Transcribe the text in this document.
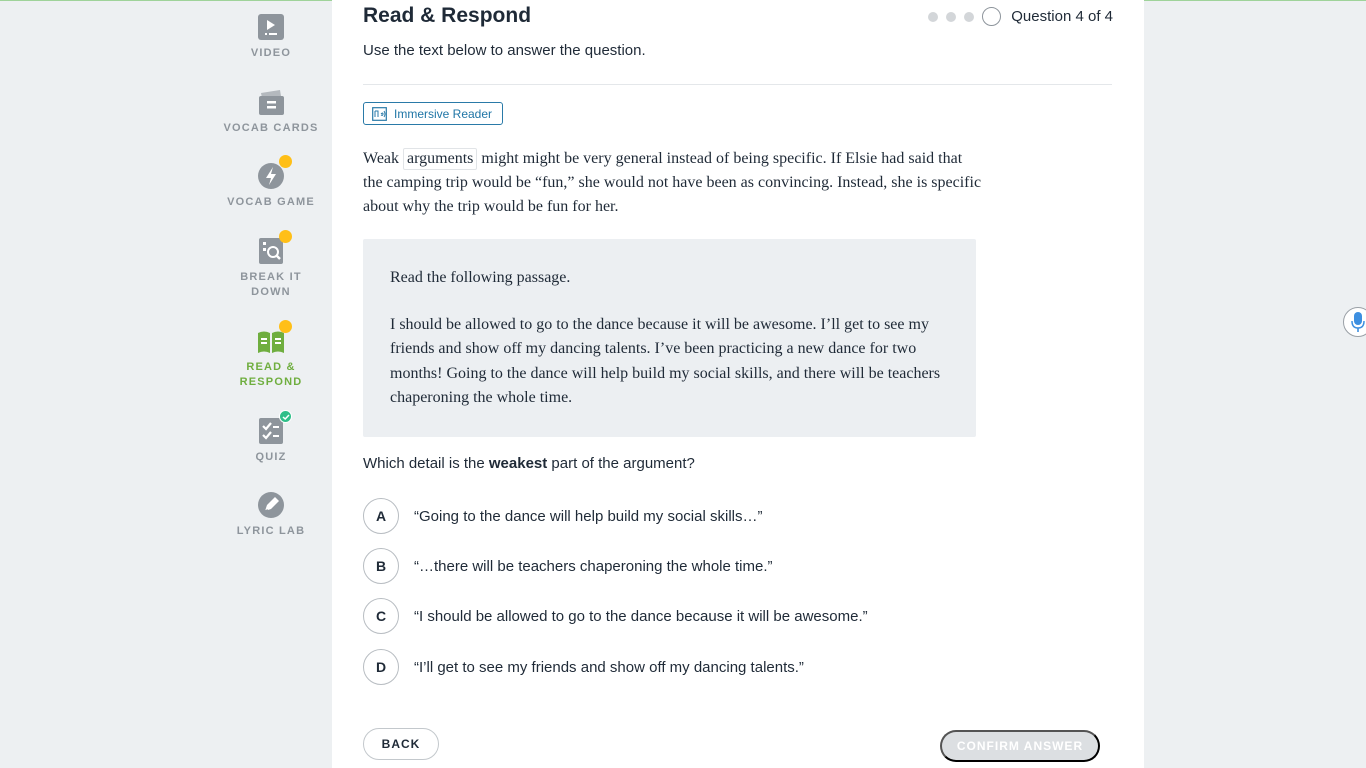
VIDEO
VOCAB CARDS
VOCAB GAME
BREAK IT
DOWN
READ &
RESPOND
QUIZ
LYRIC LAB
Read & Respond	Question 4 of 4

Use the text below to answer the question.

Immersive Reader
Weak arguments might might be very general instead of being specific. If Elsie had said that the camping trip would be “fun,” she would not have been as convincing. Instead, she is specific about why the trip would be fun for her.

Read the following passage.

I should be allowed to go to the dance because it will be awesome. I’ll get to see my friends and show off my dancing talents. I’ve been practicing a new dance for two months! Going to the dance will help build my social skills, and there will be teachers chaperoning the whole time.

Which detail is the weakest part of the argument?

A	“Going to the dance will help build my social skills…”
B	“…there will be teachers chaperoning the whole time.”
C	“I should be allowed to go to the dance because it will be awesome.”
D	“I’ll get to see my friends and show off my dancing talents.”
BACK	CONFIRM ANSWER
